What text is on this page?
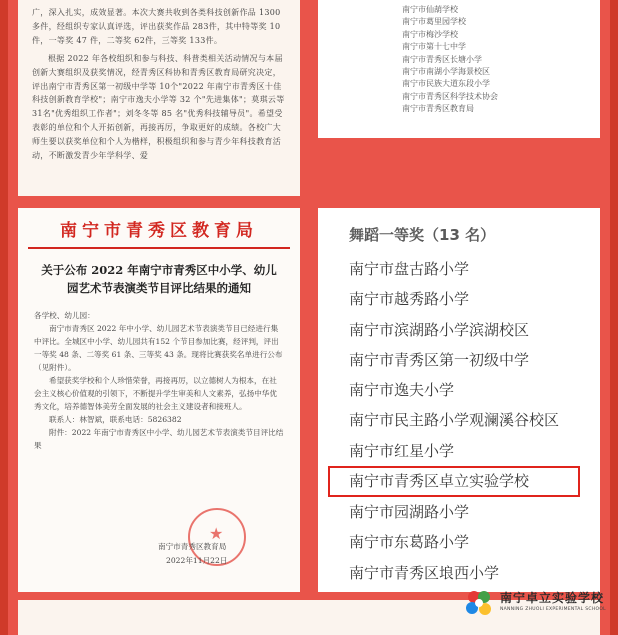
广，深入扎实，成效显著。本次大赛共收到各类科技创新作品 1300 多件，经组织专家认真评选，评出获奖作品 283件，其中特等奖 10 件，一等奖 47 件，二等奖 62件，三等奖 133件。

根据 2022 年各校组织和参与科技、科普类相关活动情况与本届创新大赛组织及获奖情况，经青秀区科协和青秀区教育局研究决定，评出南宁市青秀区第一初级中学等 10个"2022 年南宁市青秀区十佳科技创新教育学校"；南宁市逸夫小学等 32 个"先进集体"；莫琪云等 31名"优秀组织工作者"；刘冬冬等 85 名"优秀科技辅导员"。希望受表彰的单位和个人开拓创新，再接再厉，争取更好的成绩。各校广大师生要以获奖单位和个人为楷样，积极组织和参与青少年科技教育活动，不断激发青少年学科学、爱

南宁市仙葫学校
南宁市葛里园学校
南宁市梅沙学校
南宁市第十七中学
南宁市青秀区长塘小学
南宁市南湖小学海景校区
南宁市民族大道东段小学
南宁市青秀区科学技术协会
南宁市青秀区教育局
南宁市青秀区教育局
关于公布 2022 年南宁市青秀区中小学、幼儿园艺术节表演类节目评比结果的通知

各学校、幼儿园：

南宁市青秀区 2022 年中小学、幼儿园艺术节表演类节目已经进行集中评比。全城区中小学、幼儿园共有152 个节目参加比赛，经评判，评出一等奖 48 条、二等奖 61 条、三等奖 43 条。现将比赛获奖名单进行公布（见附件）。

希望获奖学校和个人珍惜荣誉，再接再厉，以立德树人为根本，在社会主义核心价值观的引领下，不断提升学生审美和人文素养，弘扬中华优秀文化，培养德智体美劳全面发展的社会主义建设者和接班人。

联系人：林智斌，联系电话：5826382

附件：2022 年南宁市青秀区中小学、幼儿园艺术节表演类节目评比结果

★
南宁市青秀区教育局
2022年11月22日
舞蹈一等奖（13 名）
南宁市盘古路小学
南宁市越秀路小学
南宁市滨湖路小学滨湖校区
南宁市青秀区第一初级中学
南宁市逸夫小学
南宁市民主路小学观澜溪谷校区
南宁市红星小学
南宁市青秀区卓立实验学校
南宁市园湖路小学
南宁市东葛路小学
南宁市青秀区埌西小学
南宁卓立实验学校
NANNING ZHUOLI EXPERIMENTAL SCHOOL
